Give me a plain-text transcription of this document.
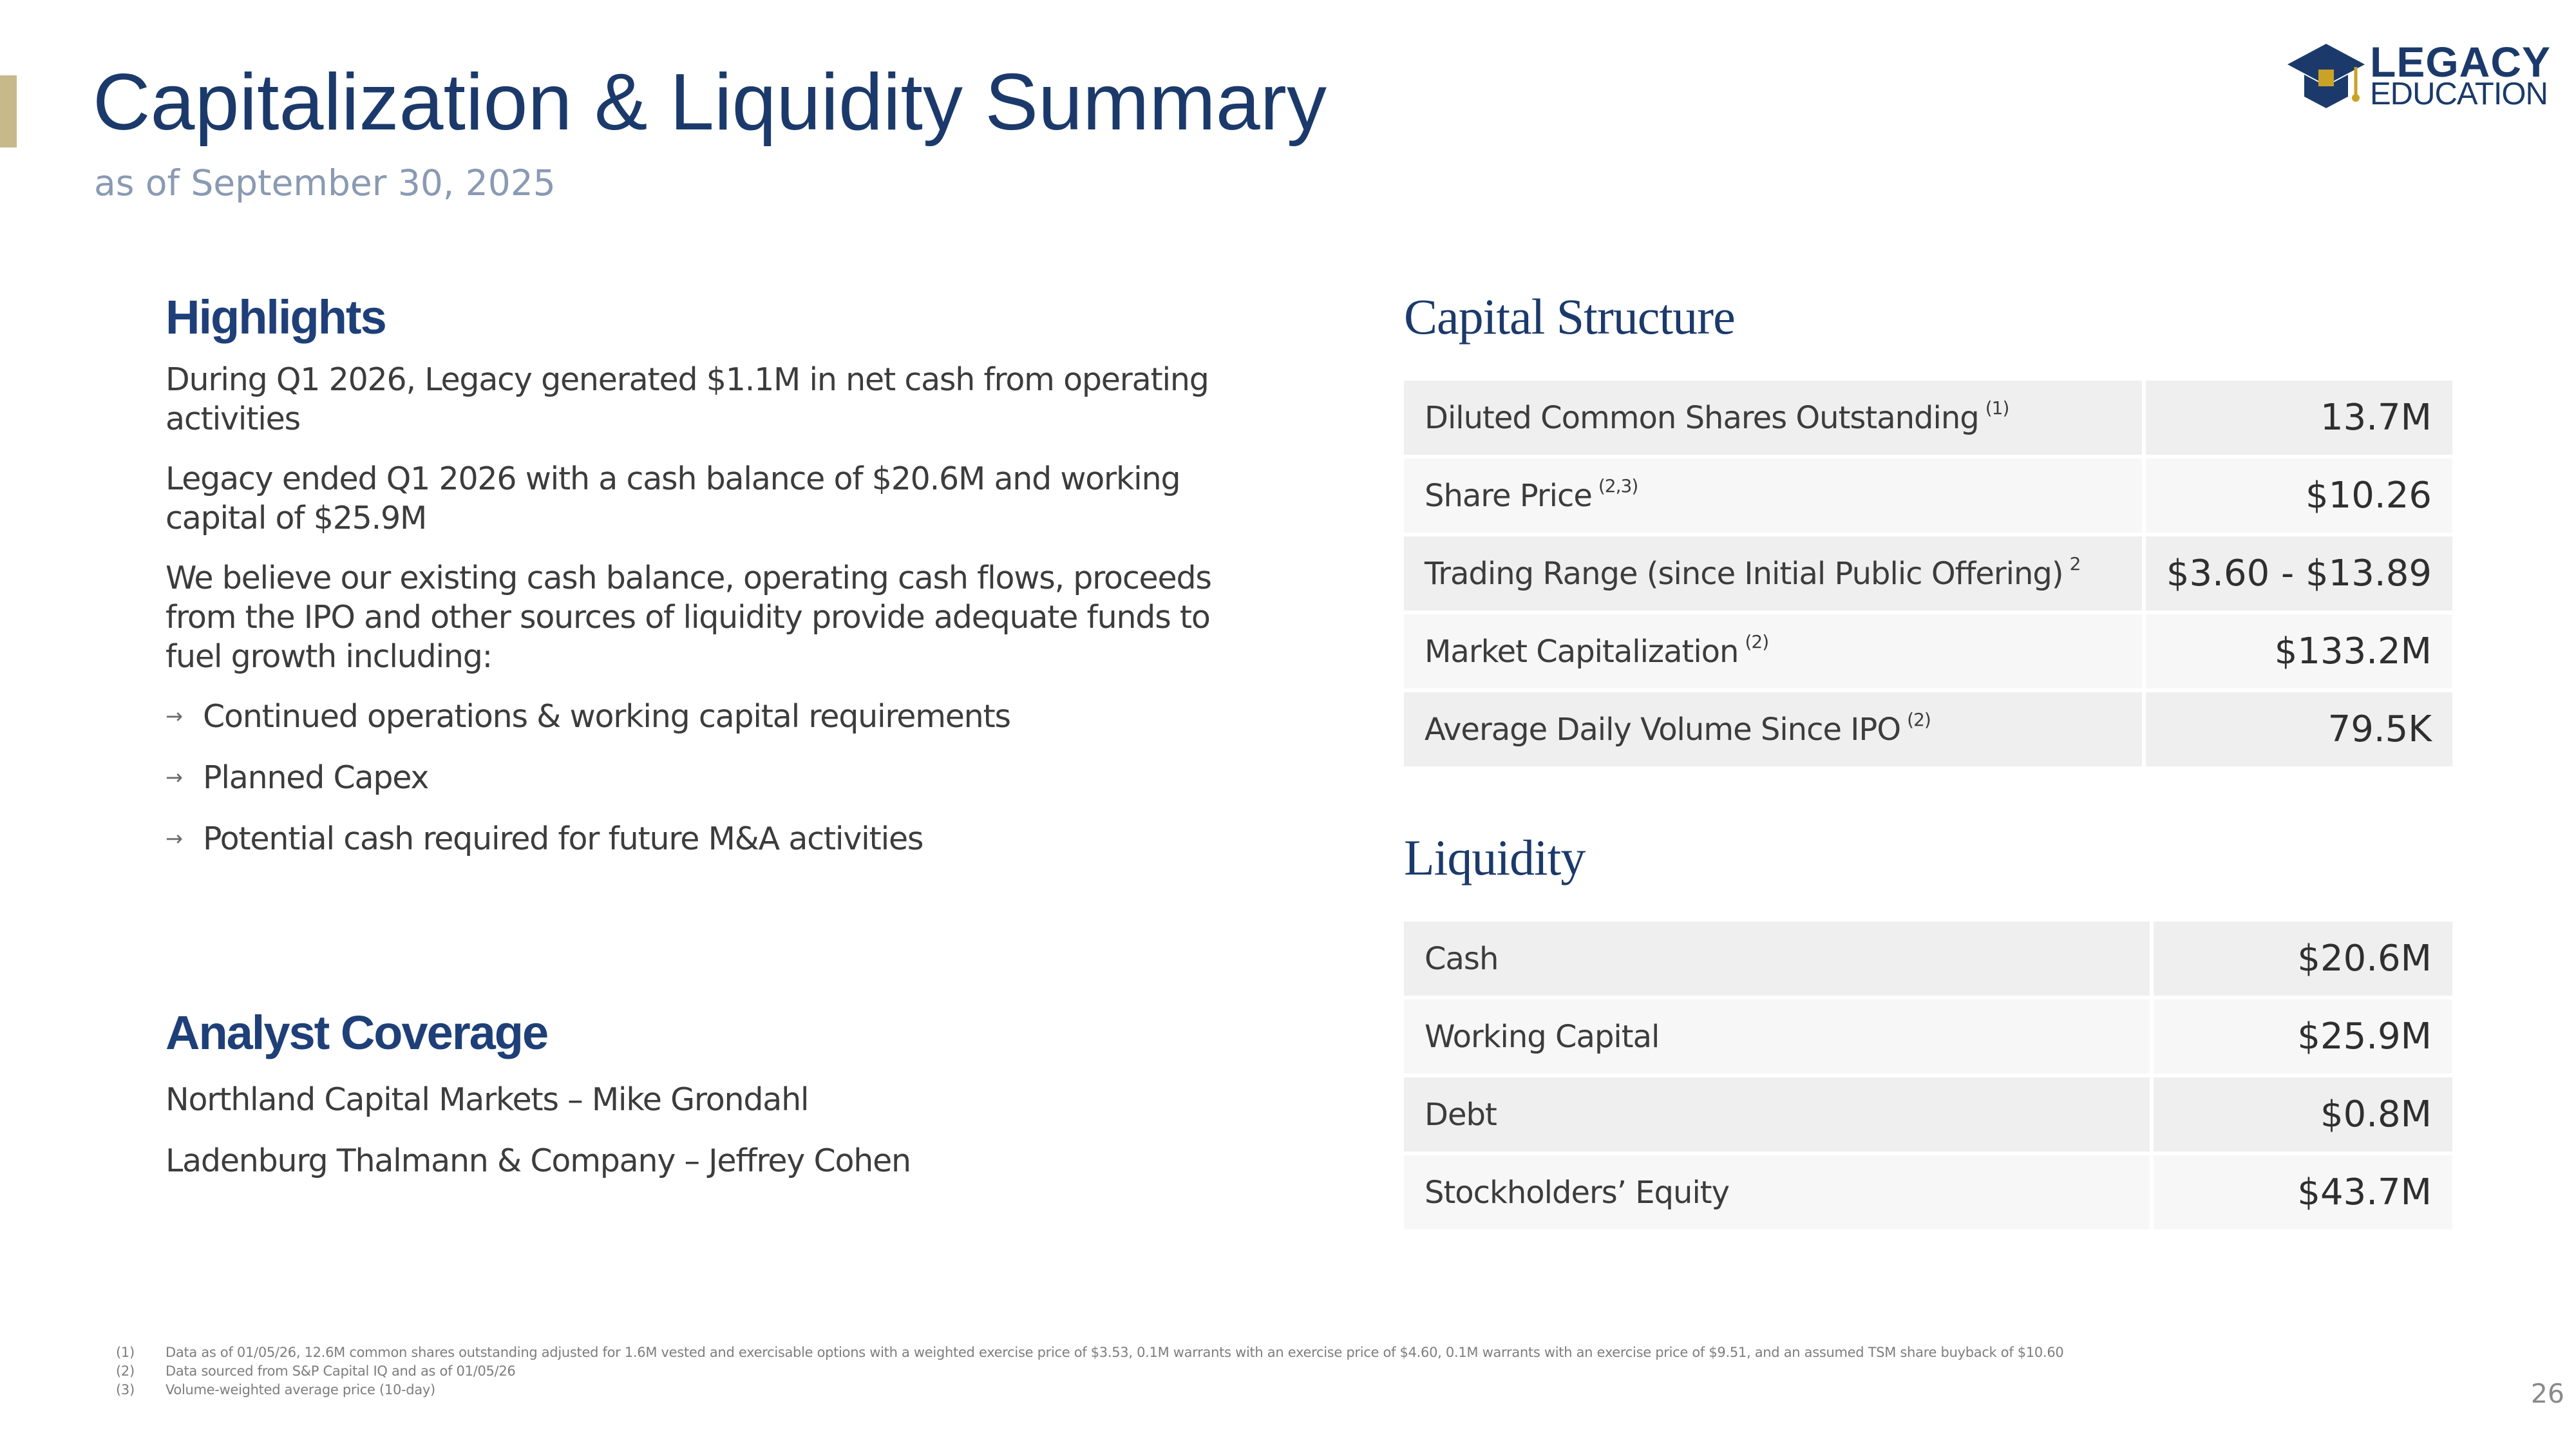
Capitalization & Liquidity Summary
as of September 30, 2025
LEGACY
EDUCATION
Highlights

During Q1 2026, Legacy generated $1.1M in net cash from operating activities

Legacy ended Q1 2026 with a cash balance of $20.6M and working capital of $25.9M

We believe our existing cash balance, operating cash flows, proceeds from the IPO and other sources of liquidity provide adequate funds to fuel growth including:

→ Continued operations & working capital requirements
→ Planned Capex
→ Potential cash required for future M&A activities
Analyst Coverage

Northland Capital Markets – Mike Grondahl

Ladenburg Thalmann & Company – Jeffrey Cohen

Capital Structure
Diluted Common Shares Outstanding $^{(1)}$	13.7M
Share Price $^{(2,3)}$	$10.26
Trading Range (since Initial Public Offering) $^2$	$3.60 - $13.89
Market Capitalization $^{(2)}$	$133.2M
Average Daily Volume Since IPO $^{(2)}$	79.5K
Liquidity
Cash	$20.6M
Working Capital	$25.9M
Debt	$0.8M
Stockholders’ Equity	$43.7M
(1) Data as of 01/05/26, 12.6M common shares outstanding adjusted for 1.6M vested and exercisable options with a weighted exercise price of $3.53, 0.1M warrants with an exercise price of $4.60, 0.1M warrants with an exercise price of $9.51, and an assumed TSM share buyback of $10.60
(2) Data sourced from S&P Capital IQ and as of 01/05/26
(3) Volume-weighted average price (10-day)	26
